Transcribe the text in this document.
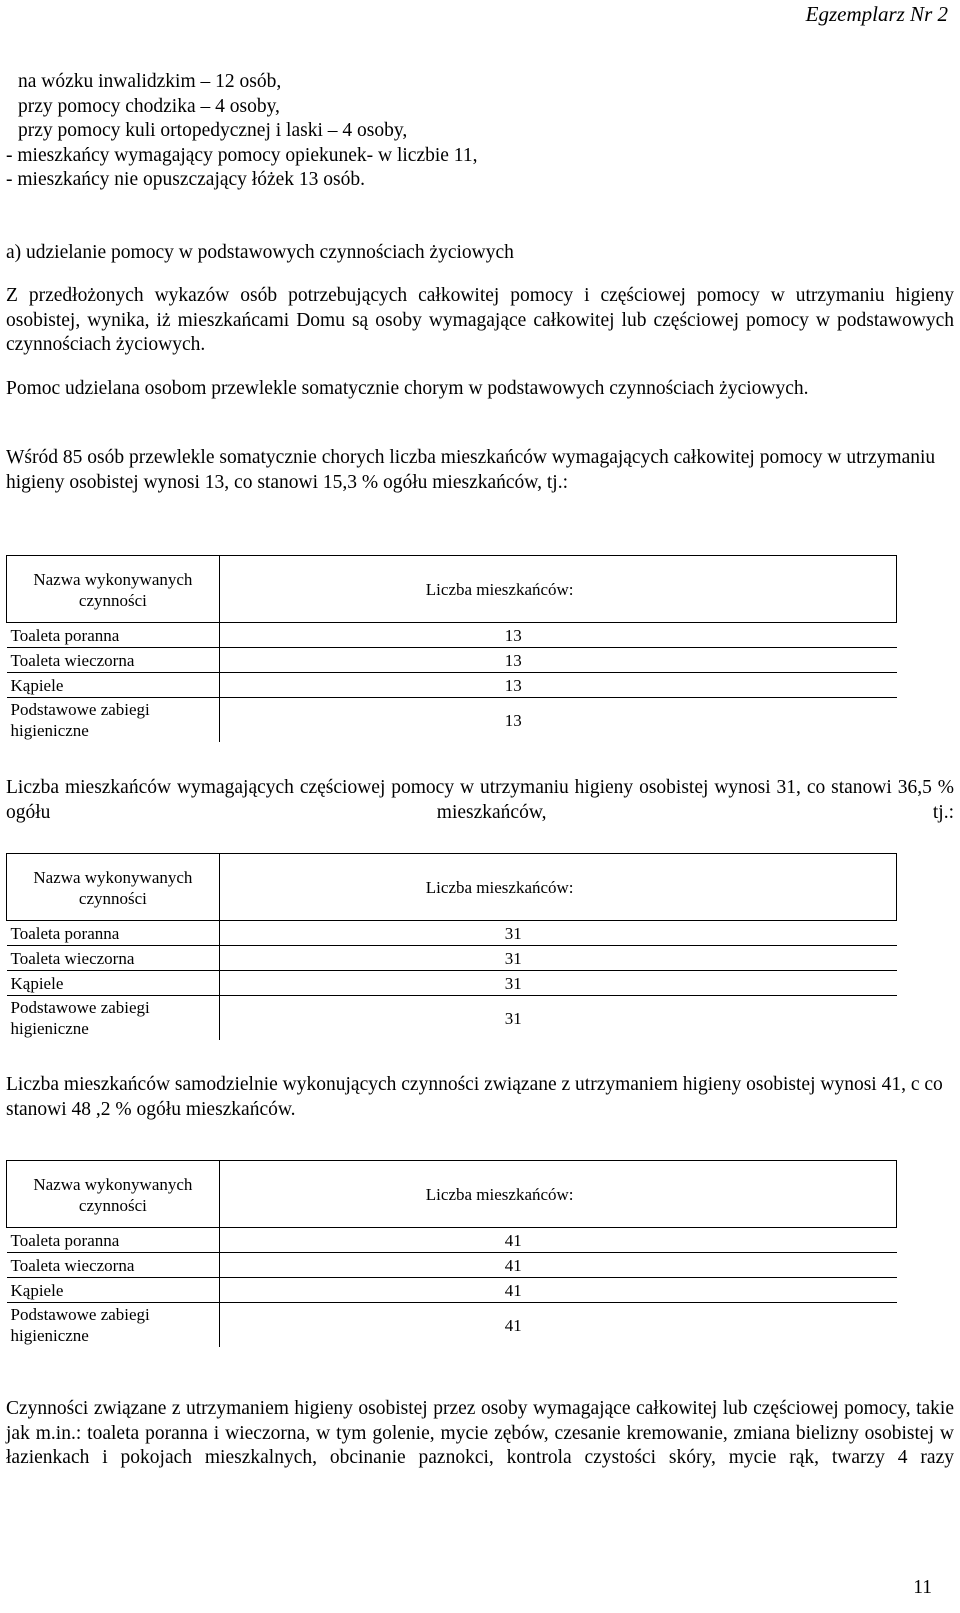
Egzemplarz Nr 2
na wózku inwalidzkim – 12 osób,
przy pomocy chodzika – 4 osoby,
przy pomocy kuli ortopedycznej i laski – 4 osoby,
- mieszkańcy wymagający pomocy opiekunek- w liczbie 11,
- mieszkańcy nie opuszczający łóżek 13 osób.
a) udzielanie pomocy w podstawowych czynnościach życiowych
Z przedłożonych wykazów osób potrzebujących całkowitej pomocy i częściowej pomocy w utrzymaniu higieny osobistej, wynika, iż mieszkańcami Domu są osoby wymagające całkowitej lub częściowej pomocy w podstawowych czynnościach życiowych.
Pomoc udzielana osobom przewlekle somatycznie chorym w podstawowych czynnościach życiowych.
Wśród 85 osób przewlekle somatycznie chorych liczba mieszkańców wymagających całkowitej pomocy w utrzymaniu higieny osobistej wynosi 13, co stanowi 15,3 % ogółu mieszkańców, tj.:
Nazwa wykonywanych czynności	Liczba mieszkańców:
Toaleta poranna	13
Toaleta wieczorna	13
Kąpiele	13
Podstawowe zabiegi higieniczne	13
Liczba mieszkańców wymagających częściowej pomocy w utrzymaniu higieny osobistej wynosi 31, co stanowi 36,5 % ogółu mieszkańców, tj.:
Nazwa wykonywanych czynności	Liczba mieszkańców:
Toaleta poranna	31
Toaleta wieczorna	31
Kąpiele	31
Podstawowe zabiegi higieniczne	31
Liczba mieszkańców samodzielnie wykonujących czynności związane z utrzymaniem higieny osobistej wynosi 41, c co stanowi 48 ,2 % ogółu mieszkańców.
Nazwa wykonywanych czynności	Liczba mieszkańców:
Toaleta poranna	41
Toaleta wieczorna	41
Kąpiele	41
Podstawowe zabiegi higieniczne	41
Czynności związane z utrzymaniem higieny osobistej przez osoby wymagające całkowitej lub częściowej pomocy, takie jak m.in.: toaleta poranna i wieczorna, w tym golenie, mycie zębów, czesanie kremowanie, zmiana bielizny osobistej w łazienkach i pokojach mieszkalnych, obcinanie paznokci, kontrola czystości skóry, mycie rąk, twarzy 4 razy
11
